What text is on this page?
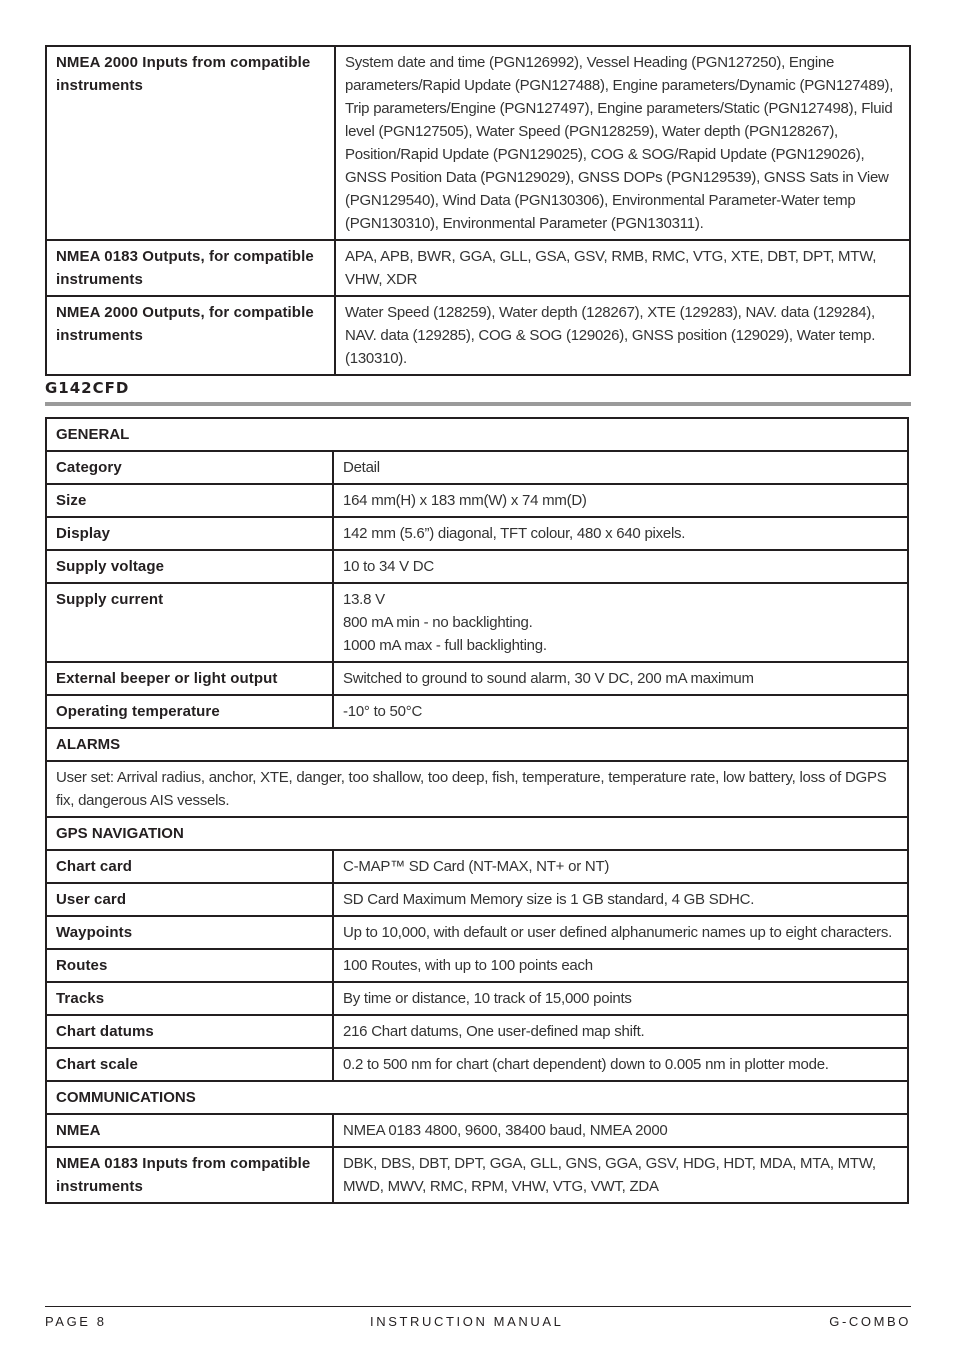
NMEA 2000 Inputs from compatible instruments	System date and time (PGN126992), Vessel Heading (PGN127250), Engine parameters/Rapid Update (PGN127488), Engine parameters/Dynamic (PGN127489), Trip parameters/Engine (PGN127497), Engine parameters/Static (PGN127498), Fluid level (PGN127505), Water Speed (PGN128259), Water depth (PGN128267), Position/Rapid Update (PGN129025), COG & SOG/Rapid Update (PGN129026), GNSS Position Data (PGN129029), GNSS DOPs (PGN129539), GNSS Sats in View (PGN129540), Wind Data (PGN130306), Environmental Parameter-Water temp (PGN130310), Environmental Parameter (PGN130311).
NMEA 0183 Outputs, for compatible instruments	APA, APB, BWR, GGA, GLL, GSA, GSV, RMB, RMC, VTG, XTE, DBT, DPT, MTW, VHW, XDR
NMEA 2000 Outputs, for compatible instruments	Water Speed (128259), Water depth (128267), XTE (129283), NAV. data (129284), NAV. data (129285), COG & SOG (129026), GNSS position (129029), Water temp. (130310).
G142CFD
GENERAL	
Category	Detail
Size	164 mm(H) x 183 mm(W) x 74 mm(D)
Display	142 mm (5.6”) diagonal, TFT colour, 480 x 640 pixels.
Supply voltage	10 to 34 V DC
Supply current	13.8 V
800 mA min - no backlighting.
1000 mA max - full backlighting.

External beeper or light output	Switched to ground to sound alarm, 30 V DC, 200 mA maximum
Operating temperature	-10° to 50°C
ALARMS	
User set: Arrival radius, anchor, XTE, danger, too shallow, too deep, fish, temperature, temperature rate, low battery, loss of DGPS fix, dangerous AIS vessels.	
GPS NAVIGATION	
Chart card	C-MAP™ SD Card (NT-MAX, NT+ or NT)
User card	SD Card Maximum Memory size is 1 GB standard, 4 GB SDHC.
Waypoints	Up to 10,000, with default or user defined alphanumeric names up to eight characters.
Routes	100 Routes, with up to 100 points each
Tracks	By time or distance, 10 track of 15,000 points
Chart datums	216 Chart datums, One user-defined map shift.
Chart scale	0.2 to 500 nm for chart (chart dependent) down to 0.005 nm in plotter mode.
COMMUNICATIONS	
NMEA	NMEA 0183 4800, 9600, 38400 baud, NMEA 2000
NMEA 0183 Inputs from compatible instruments	DBK, DBS, DBT, DPT, GGA, GLL, GNS, GGA, GSV, HDG, HDT, MDA, MTA, MTW, MWD, MWV, RMC, RPM, VHW, VTG, VWT, ZDA
PAGE 8	INSTRUCTION MANUAL	G-COMBO
